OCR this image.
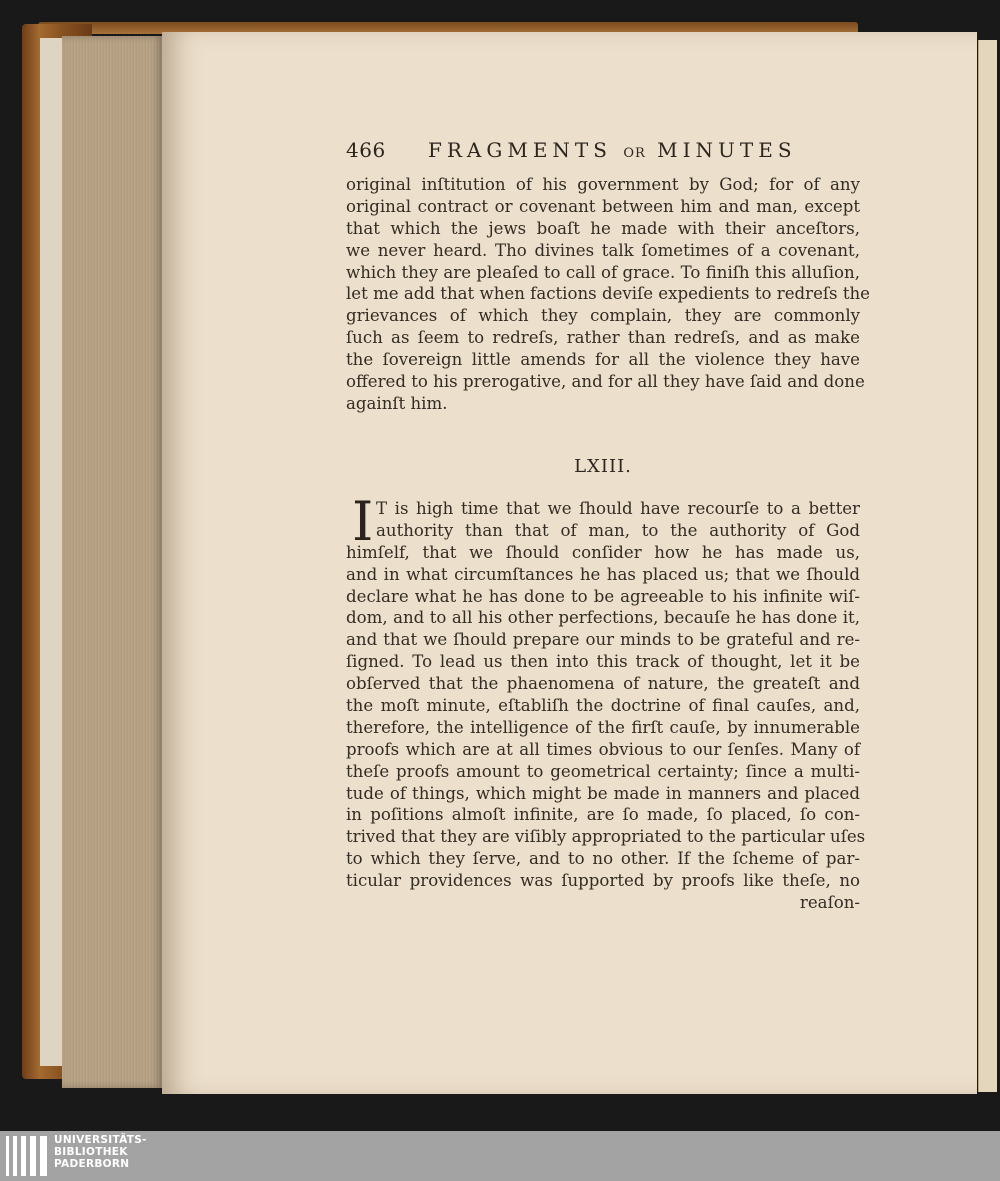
466 FRAGMENTS OR MINUTES
original inſtitution of his government by God; for of any
original contract or covenant between him and man, except
that which the jews boaſt he made with their anceſtors,
we never heard. Tho divines talk ſometimes of a covenant,
which they are pleaſed to call of grace. To finiſh this alluſion,
let me add that when factions deviſe expedients to redreſs the
grievances of which they complain, they are commonly
ſuch as ſeem to redreſs, rather than redreſs, and as make
the ſovereign little amends for all the violence they have
offered to his prerogative, and for all they have ſaid and done
againſt him.
LXIII.
I T is high time that we ſhould have recourſe to a better
authority than that of man, to the authority of God
himſelf, that we ſhould conſider how he has made us,
and in what circumſtances he has placed us; that we ſhould
declare what he has done to be agreeable to his infinite wiſ-
dom, and to all his other perfections, becauſe he has done it,
and that we ſhould prepare our minds to be grateful and re-
ſigned. To lead us then into this track of thought, let it be
obſerved that the phaenomena of nature, the greateſt and
the moſt minute, eſtabliſh the doctrine of final cauſes, and,
therefore, the intelligence of the firſt cauſe, by innumerable
proofs which are at all times obvious to our ſenſes. Many of
theſe proofs amount to geometrical certainty; ſince a multi-
tude of things, which might be made in manners and placed
in poſitions almoſt infinite, are ſo made, ſo placed, ſo con-
trived that they are viſibly appropriated to the particular uſes
to which they ſerve, and to no other. If the ſcheme of par-
ticular providences was ſupported by proofs like theſe, no
reaſon-
UNIVERSITÄTS-
BIBLIOTHEK
PADERBORN
